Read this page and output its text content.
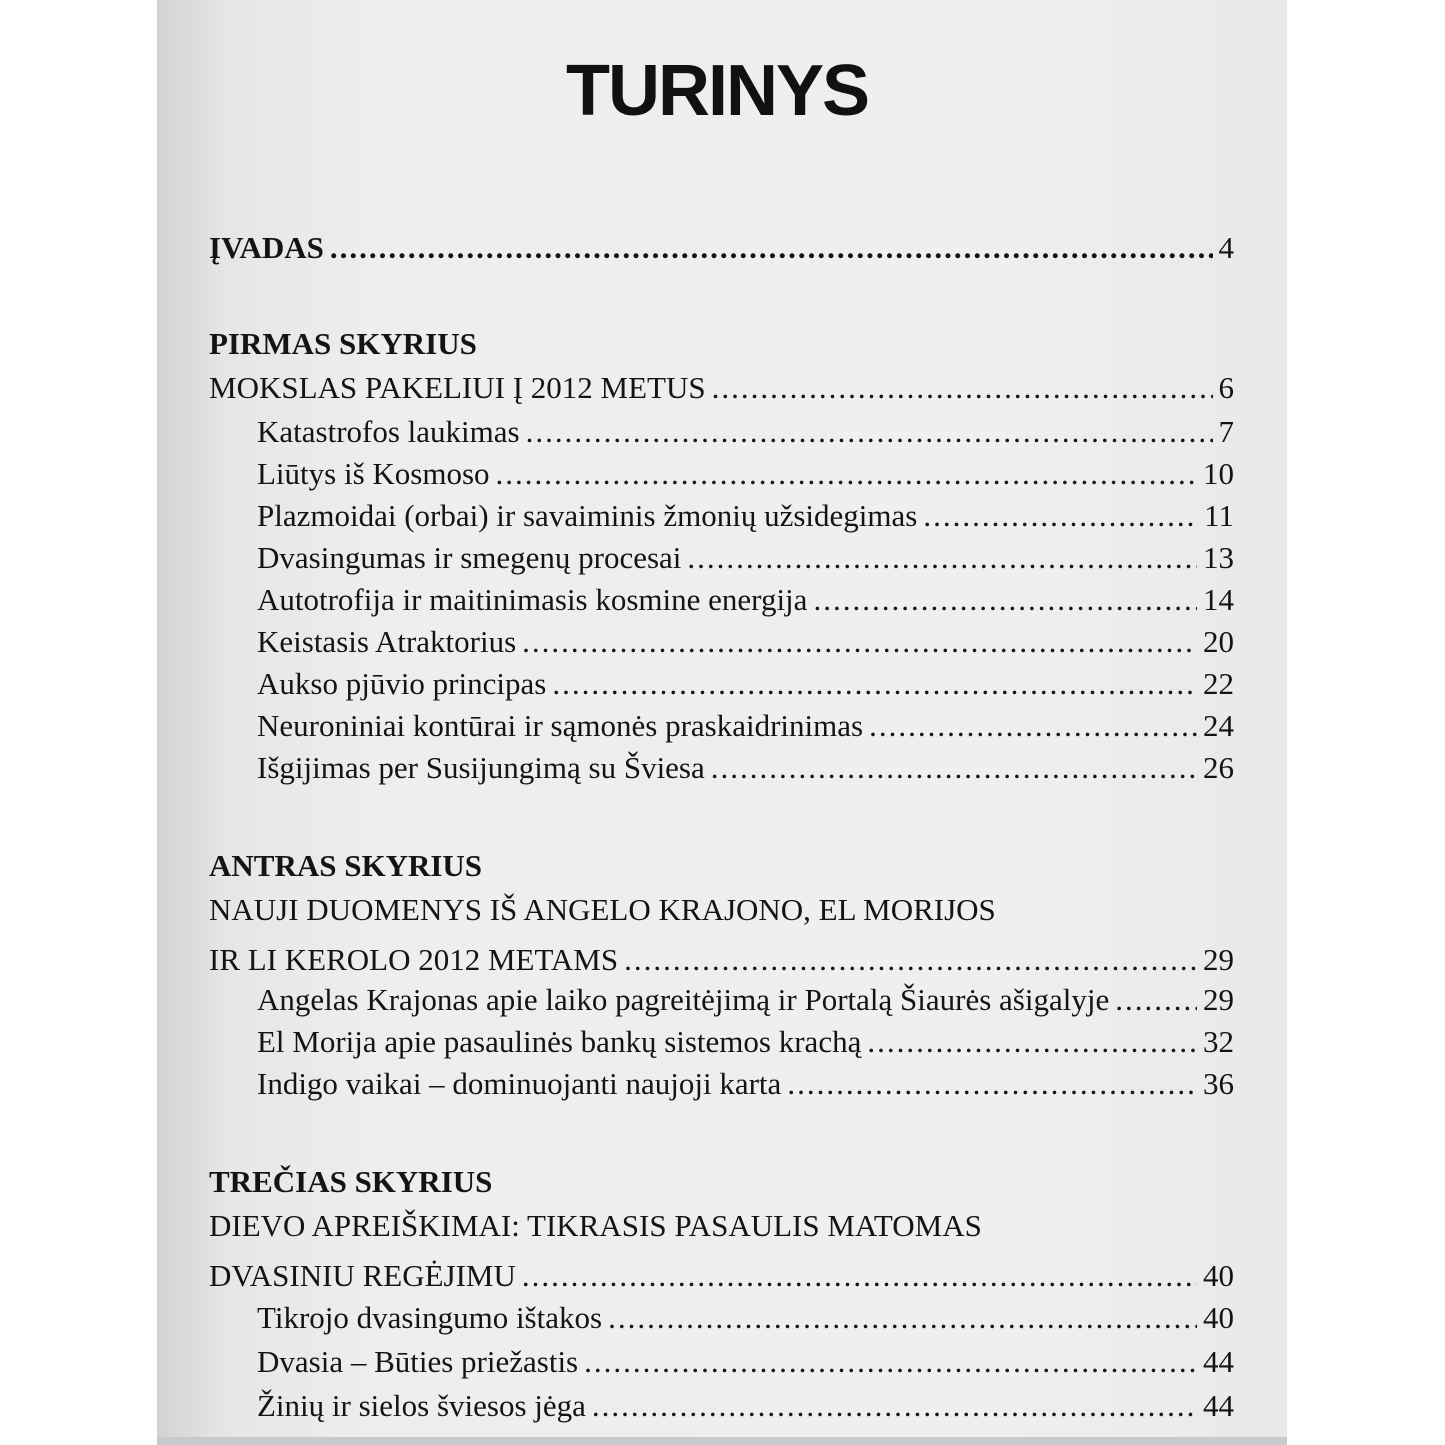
TURINYS
ĮVADAS .....	4
PIRMAS SKYRIUS
MOKSLAS PAKELIUI Į 2012 METUS .....	6
Katastrofos laukimas .....	7
Liūtys iš Kosmoso .....	10
Plazmoidai (orbai) ir savaiminis žmonių užsidegimas .....	11
Dvasingumas ir smegenų procesai .....	13
Autotrofija ir maitinimasis kosmine energija .....	14
Keistasis Atraktorius .....	20
Aukso pjūvio principas .....	22
Neuroniniai kontūrai ir sąmonės praskaidrinimas .....	24
Išgijimas per Susijungimą su Šviesa .....	26
ANTRAS SKYRIUS
NAUJI DUOMENYS IŠ ANGELO KRAJONO, EL MORIJOS
IR LI KEROLO 2012 METAMS .....	29
Angelas Krajonas apie laiko pagreitėjimą ir Portalą Šiaurės ašigalyje .....	29
El Morija apie pasaulinės bankų sistemos krachą .....	32
Indigo vaikai – dominuojanti naujoji karta .....	36
TREČIAS SKYRIUS
DIEVO APREIŠKIMAI: TIKRASIS PASAULIS MATOMAS
DVASINIU REGĖJIMU .....	40
Tikrojo dvasingumo ištakos .....	40
Dvasia – Būties priežastis .....	44
Žinių ir sielos šviesos jėga .....	44
